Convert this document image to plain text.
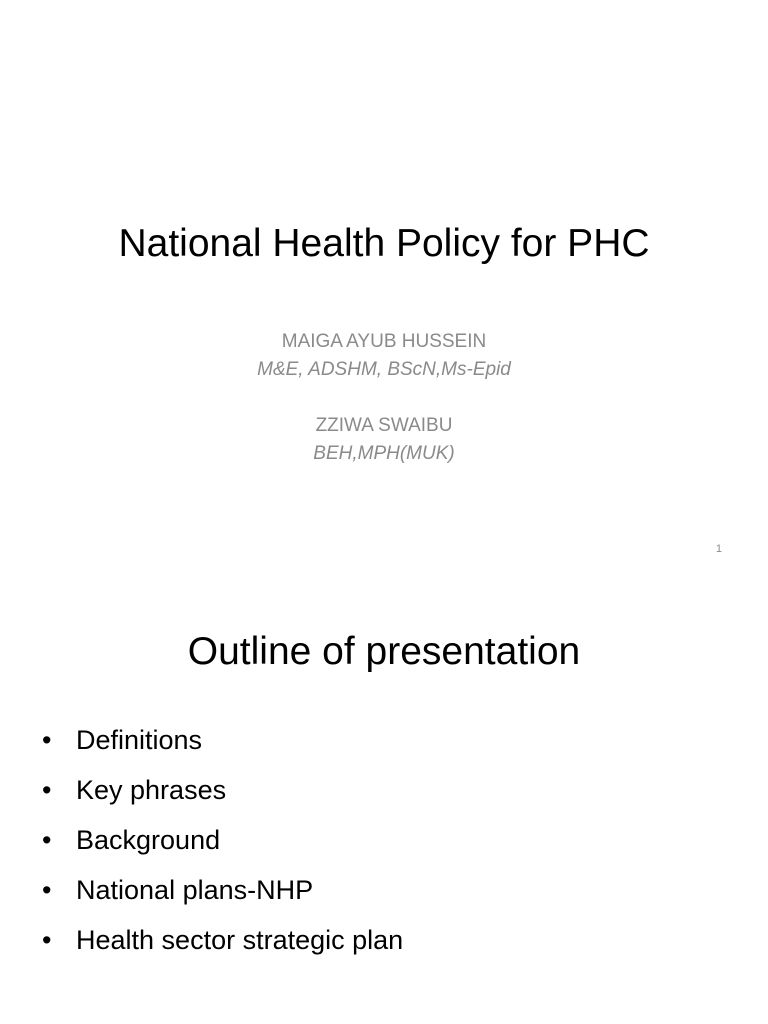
National Health Policy for PHC
MAIGA AYUB HUSSEIN
M&E, ADSHM, BScN,Ms-Epid
ZZIWA SWAIBU
BEH,MPH(MUK)
1
Outline of presentation
• Definitions
• Key phrases
• Background
• National plans-NHP
• Health sector strategic plan
